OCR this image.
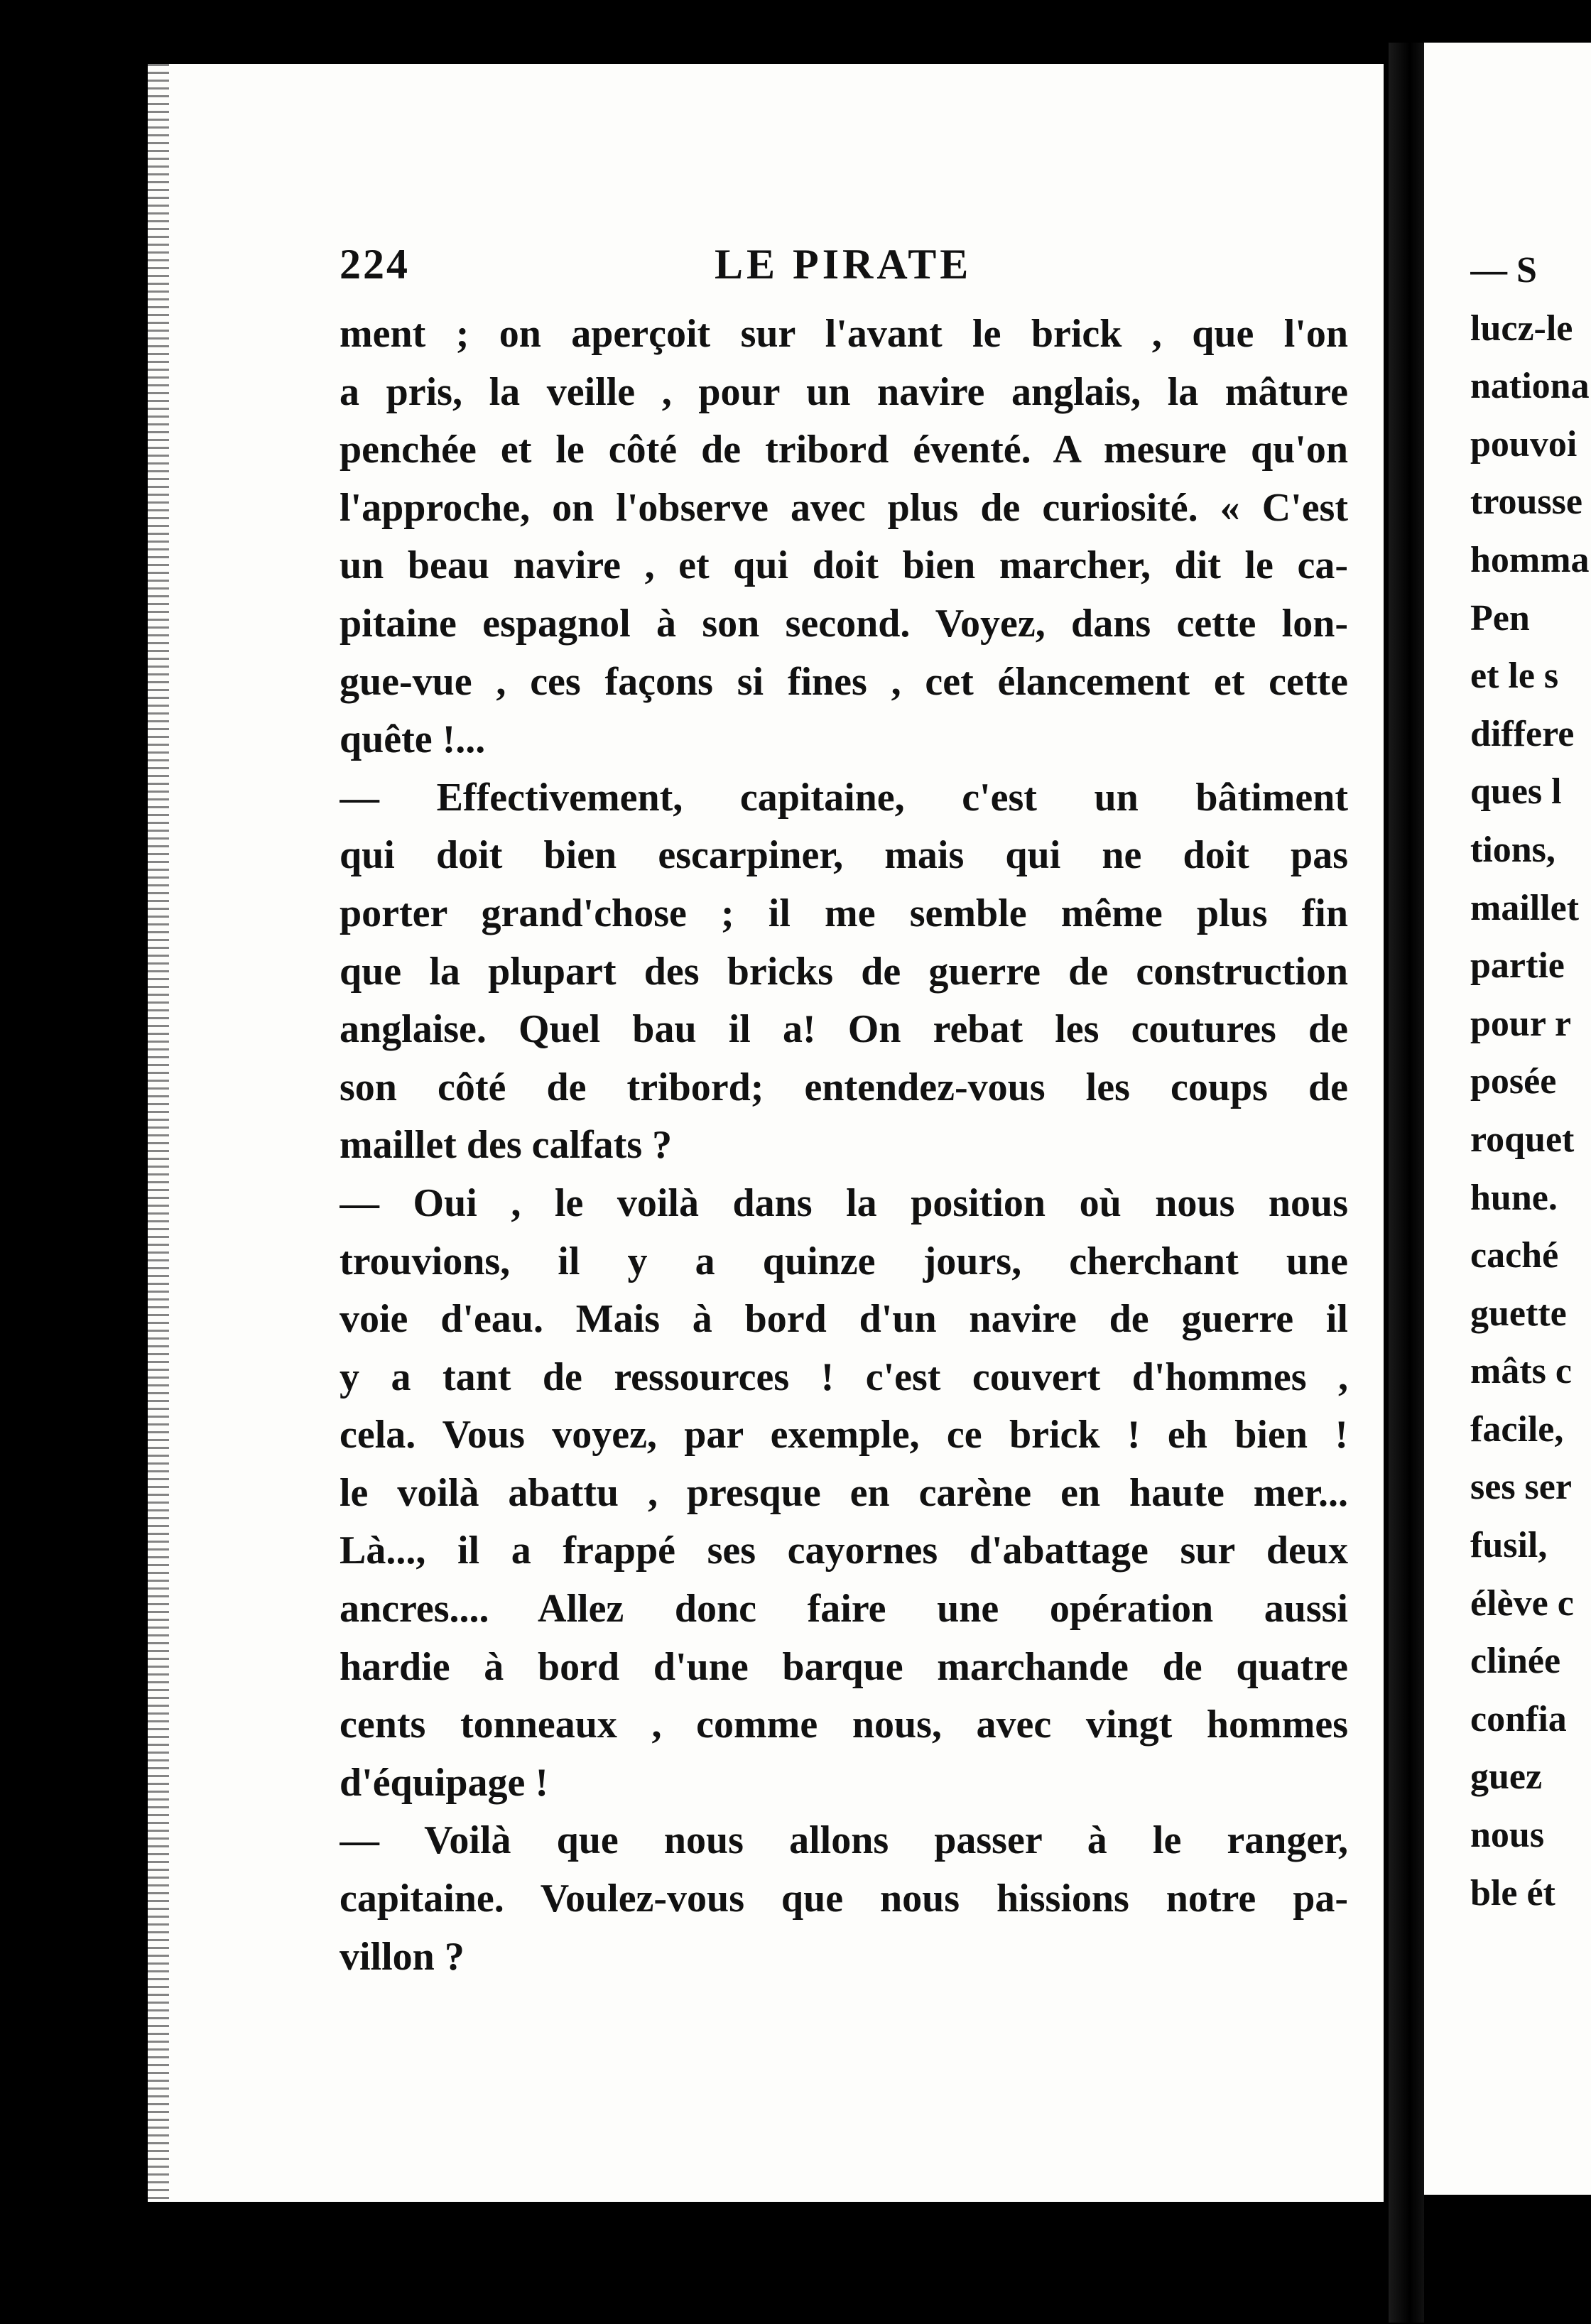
224	LE PIRATE
ment ; on aperçoit sur l'avant le brick , que l'on
a pris, la veille , pour un navire anglais, la mâture
penchée et le côté de tribord éventé. A mesure qu'on
l'approche, on l'observe avec plus de curiosité. « C'est
un beau navire , et qui doit bien marcher, dit le ca-
pitaine espagnol à son second. Voyez, dans cette lon-
gue-vue , ces façons si fines , cet élancement et cette
quête !...
— Effectivement, capitaine, c'est un bâtiment
qui doit bien escarpiner, mais qui ne doit pas
porter grand'chose ; il me semble même plus fin
que la plupart des bricks de guerre de construction
anglaise. Quel bau il a! On rebat les coutures de
son côté de tribord; entendez-vous les coups de
maillet des calfats ?
— Oui , le voilà dans la position où nous nous
trouvions, il y a quinze jours, cherchant une
voie d'eau. Mais à bord d'un navire de guerre il
y a tant de ressources ! c'est couvert d'hommes ,
cela. Vous voyez, par exemple, ce brick ! eh bien !
le voilà abattu , presque en carène en haute mer...
Là..., il a frappé ses cayornes d'abattage sur deux
ancres.... Allez donc faire une opération aussi
hardie à bord d'une barque marchande de quatre
cents tonneaux , comme nous, avec vingt hommes
d'équipage !
— Voilà que nous allons passer à le ranger,
capitaine. Voulez-vous que nous hissions notre pa-
villon ?
— S
lucz-le
nationa
pouvoi
trousse
homma
Pen
et le s
differe
ques l
tions,
maillet
partie
pour r
posée
roquet
hune.
caché
guette
mâts c
facile,
ses ser
fusil,
élève c
clinée
confia
guez
nous
ble ét
